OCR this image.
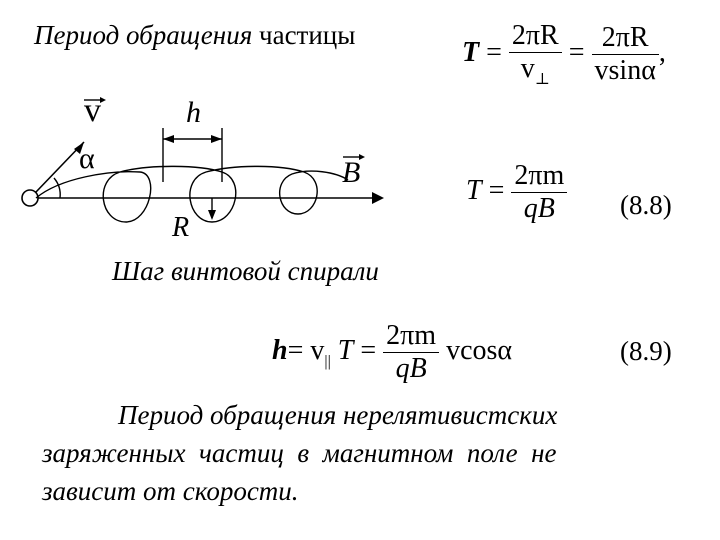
Период обращения частицы
$T = \frac{2\pi R}{v_\perp} = \frac{2\pi R}{vsin\alpha}$ ,
v
α
h
B
R
$T = \frac{2\pi m}{qB} (8.8)$
Шаг винтовой спирали
$h= v_{||}$ $T = \frac{2\pi m}{qB}$ vcosα	(8.9)
Период обращения нерелятивистских
заряженных  частиц  в  магнитном  поле  не
зависит от скорости.
